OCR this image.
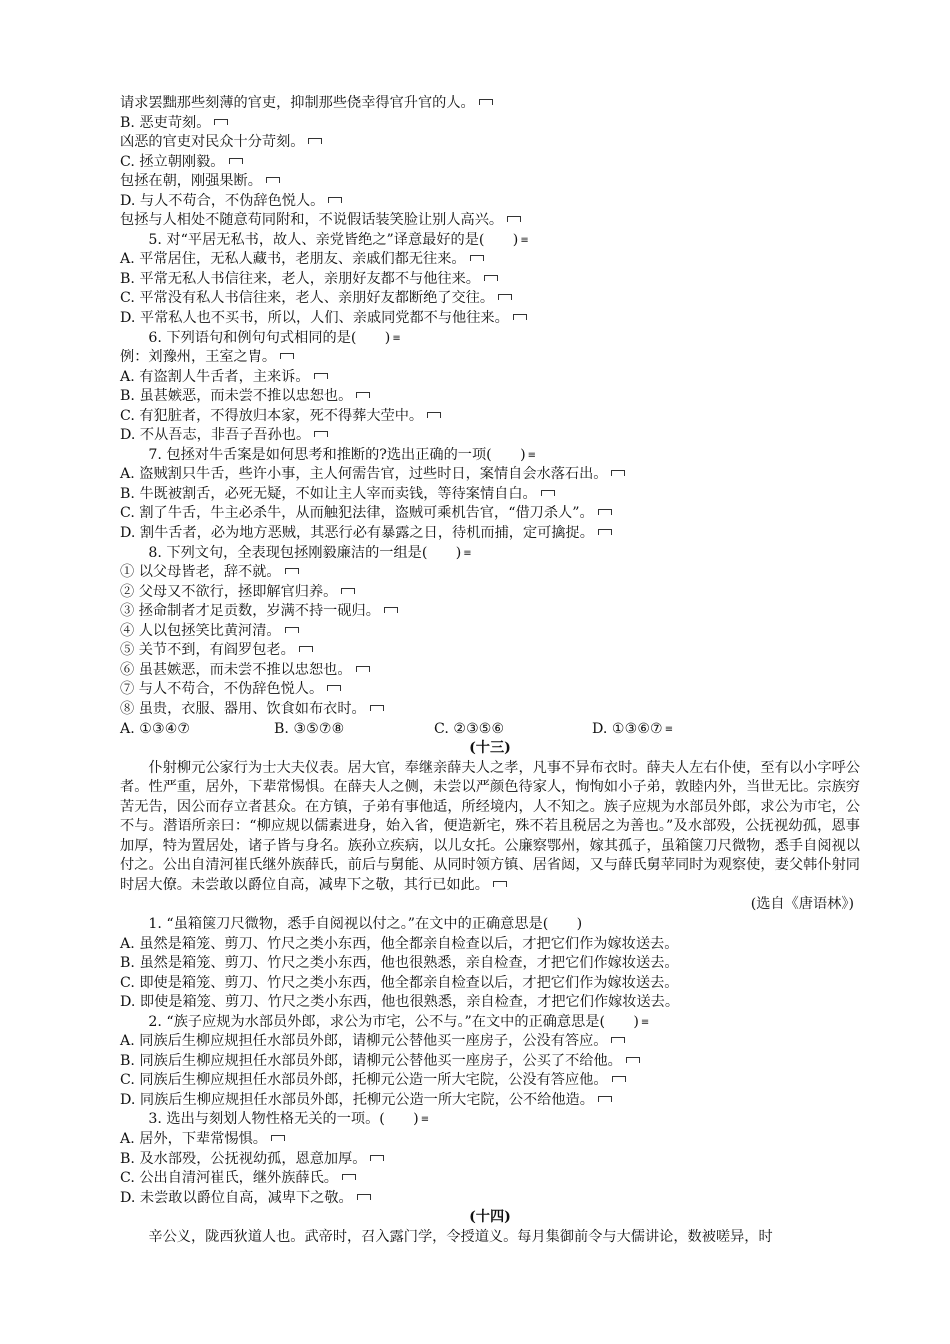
请求罢黜那些刻薄的官吏，抑制那些侥幸得官升官的人。
B. 恶吏苛刻。
凶恶的官吏对民众十分苛刻。
C. 拯立朝刚毅。
包拯在朝，刚强果断。
D. 与人不苟合，不伪辞色悦人。
包拯与人相处不随意苟同附和，不说假话装笑脸让别人高兴。
5. 对“平居无私书，故人、亲党皆绝之”译意最好的是(　　) ≡
A. 平常居住，无私人藏书，老朋友、亲戚们都无往来。
B. 平常无私人书信往来，老人，亲朋好友都不与他往来。
C. 平常没有私人书信往来，老人、亲朋好友都断绝了交往。
D. 平常私人也不买书，所以，人们、亲戚同党都不与他往来。
6. 下列语句和例句句式相同的是(　　) ≡
例：刘豫州，王室之胄。
A. 有盗割人牛舌者，主来诉。
B. 虽甚嫉恶，而未尝不推以忠恕也。
C. 有犯脏者，不得放归本家，死不得葬大茔中。
D. 不从吾志，非吾子吾孙也。
7. 包拯对牛舌案是如何思考和推断的?选出正确的一项(　　) ≡
A. 盗贼割只牛舌，些许小事，主人何需告官，过些时日，案情自会水落石出。
B. 牛既被割舌，必死无疑，不如让主人宰而卖钱，等待案情自白。
C. 割了牛舌，牛主必杀牛，从而触犯法律，盗贼可乘机告官，“借刀杀人”。
D. 割牛舌者，必为地方恶贼，其恶行必有暴露之日，待机而捕，定可擒捉。
8. 下列文句，全表现包拯刚毅廉洁的一组是(　　) ≡
① 以父母皆老，辞不就。
② 父母又不欲行，拯即解官归养。
③ 拯命制者才足贡数，岁满不持一砚归。
④ 人以包拯笑比黄河清。
⑤ 关节不到，有阎罗包老。
⑥ 虽甚嫉恶，而未尝不推以忠恕也。
⑦ 与人不苟合，不伪辞色悦人。
⑧ 虽贵，衣服、器用、饮食如布衣时。
A. ①③④⑦	B. ③⑤⑦⑧	C. ②③⑤⑥	D. ①③⑥⑦ ≡
(十三)
仆射柳元公家行为士大夫仪表。居大官，奉继亲薛夫人之孝，凡事不异布衣时。薛夫人左右仆使，至有以小字呼公者。性严重，居外，下辈常惕惧。在薛夫人之侧，未尝以严颜色待家人，恂恂如小子弟，敦睦内外，当世无比。宗族穷苦无告，因公而存立者甚众。在方镇，子弟有事他适，所经境内，人不知之。族子应规为水部员外郎，求公为市宅，公不与。潜语所亲曰：“柳应规以儒素进身，始入省，便造新宅，殊不若且税居之为善也。”及水部殁，公抚视幼孤，恩事加厚，特为置居处，诸子皆与身名。族孙立疾病，以儿女托。公廉察鄂州，嫁其孤子，虽箱箧刀尺微物，悉手自阅视以付之。公出自清河崔氏继外族薛氏，前后与舅能、从同时领方镇、居省闼，又与薛氏舅苹同时为观察使，妻父韩仆射同时居大僚。未尝敢以爵位自高，减卑下之敬，其行已如此。
(选自《唐语林》)
1. “虽箱箧刀尺微物，悉手自阅视以付之。”在文中的正确意思是(　　)
A. 虽然是箱笼、剪刀、竹尺之类小东西，他全都亲自检查以后，才把它们作为嫁妆送去。
B. 虽然是箱笼、剪刀、竹尺之类小东西，他也很熟悉，亲自检查，才把它们作嫁妆送去。
C. 即使是箱笼、剪刀、竹尺之类小东西，他全都亲自检查以后，才把它们作为嫁妆送去。
D. 即使是箱笼、剪刀、竹尺之类小东西，他也很熟悉，亲自检查，才把它们作嫁妆送去。
2. “族子应规为水部员外郎，求公为市宅，公不与。”在文中的正确意思是(　　) ≡
A. 同族后生柳应规担任水部员外郎，请柳元公替他买一座房子，公没有答应。
B. 同族后生柳应规担任水部员外郎，请柳元公替他买一座房子，公买了不给他。
C. 同族后生柳应规担任水部员外郎，托柳元公造一所大宅院，公没有答应他。
D. 同族后生柳应规担任水部员外郎，托柳元公造一所大宅院，公不给他造。
3. 选出与刻划人物性格无关的一项。(　　) ≡
A. 居外，下辈常惕惧。
B. 及水部殁，公抚视幼孤，恩意加厚。
C. 公出自清河崔氏，继外族薛氏。
D. 未尝敢以爵位自高，减卑下之敬。
(十四)
辛公义，陇西狄道人也。武帝时，召入露门学，令授道义。每月集御前令与大儒讲论，数被嗟异，时
